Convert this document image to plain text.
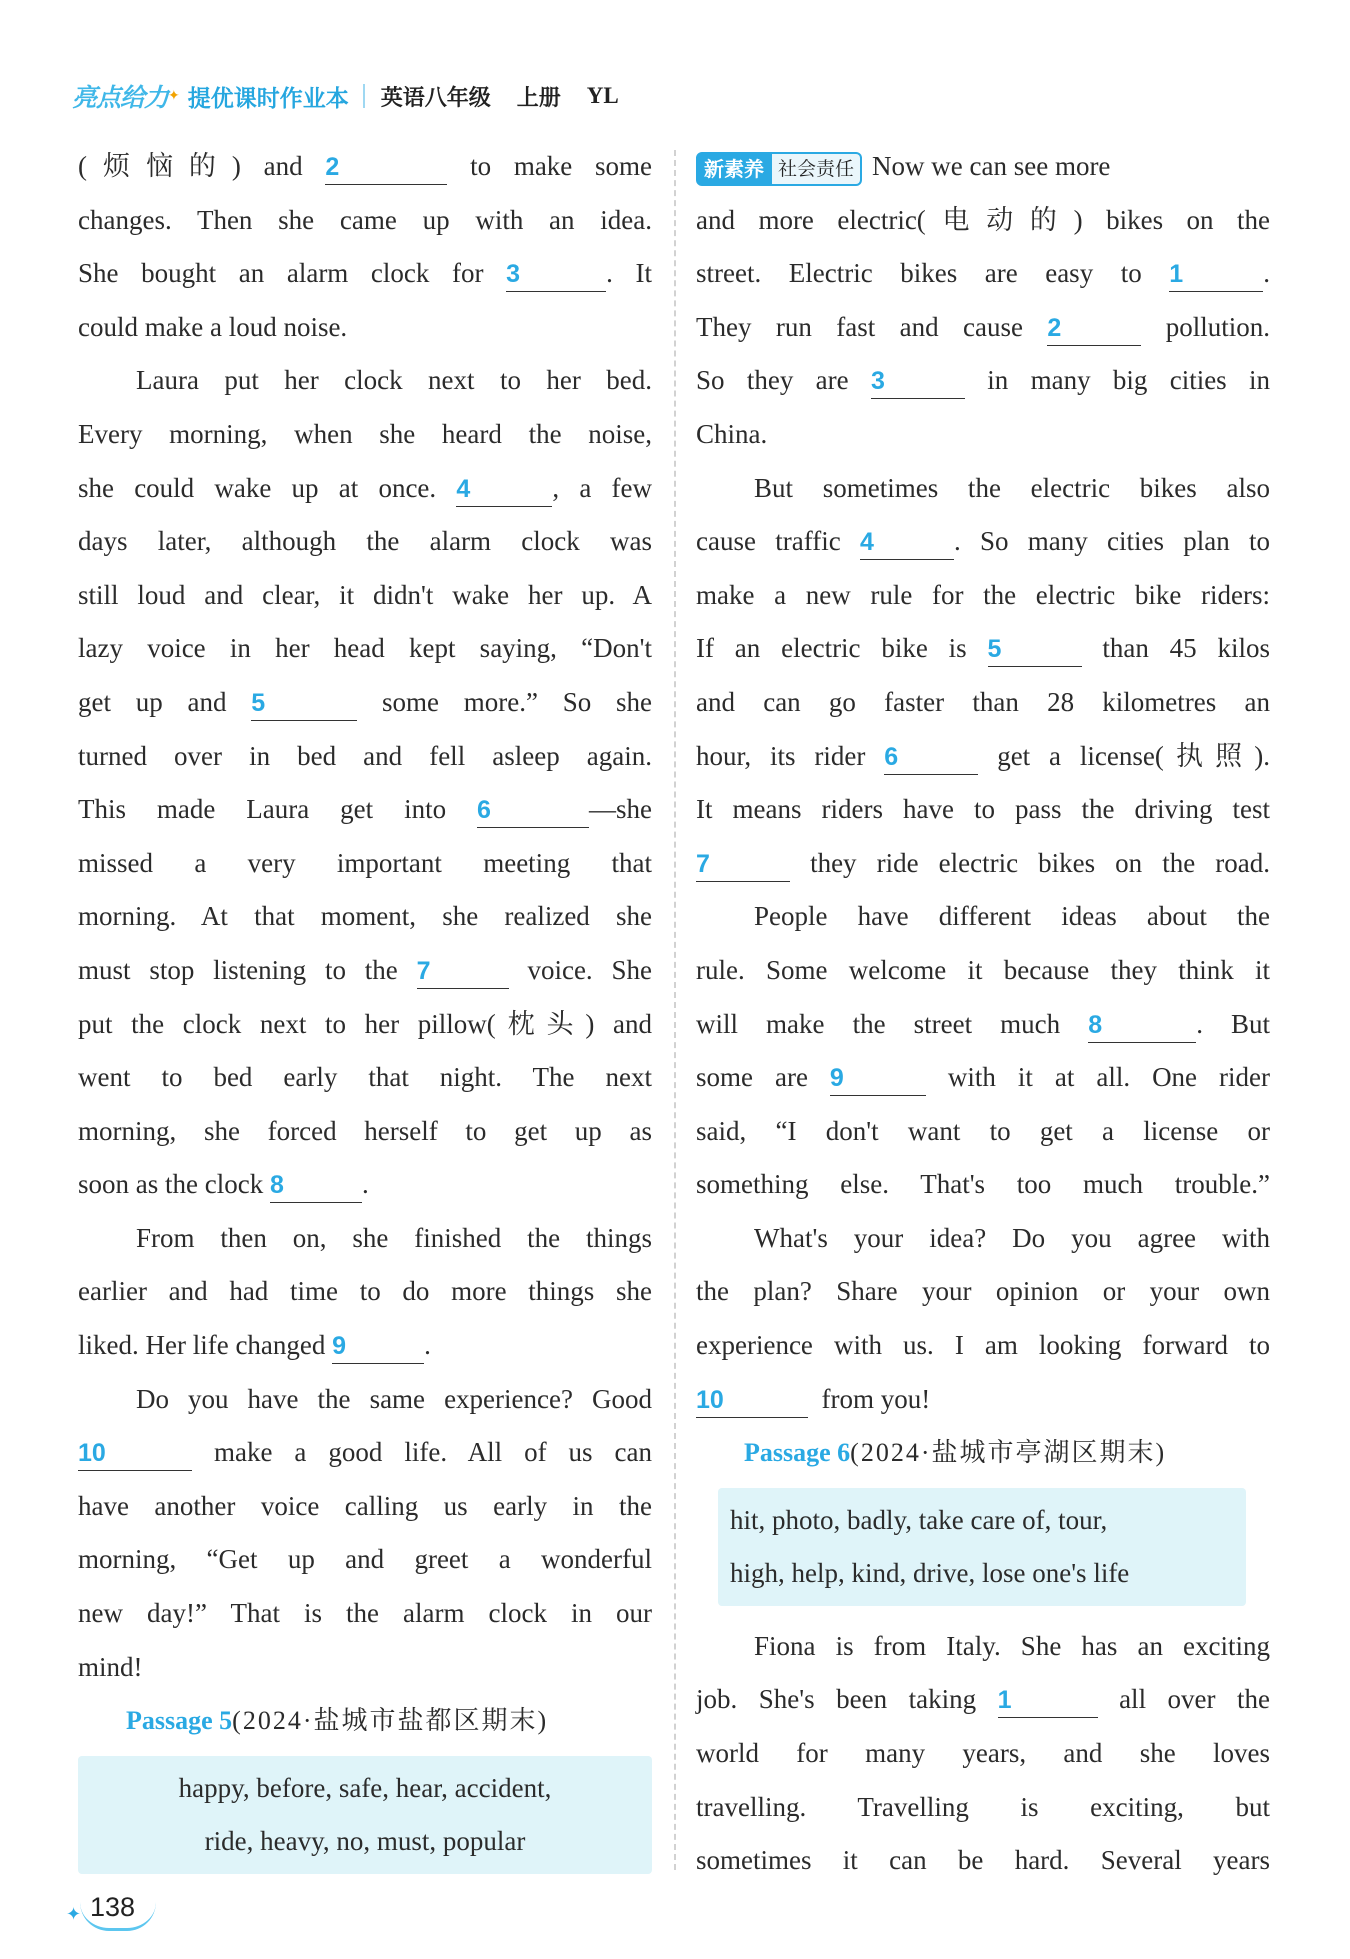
亮点给力 ✦ 提优课时作业本 英语八年级 上册 YL
(烦恼的) and 2	to make some
changes. Then she came up with an idea.
She bought an alarm clock for 3	. It
could make a loud noise.
Laura put her clock next to her bed.
Every morning, when she heard the noise,
she could wake up at once. 4	, a few
days later, although the alarm clock was
still loud and clear, it didn't wake her up. A
lazy voice in her head kept saying, “Don't
get up and 5	some more.” So she
turned over in bed and fell asleep again.
This made Laura get into 6	—she
missed a very important meeting that
morning. At that moment, she realized she
must stop listening to the 7	voice. She
put the clock next to her pillow(枕头) and
went to bed early that night. The next
morning, she forced herself to get up as
soon as the clock 8	.
From then on, she finished the things
earlier and had time to do more things she
liked. Her life changed 9	.
Do you have the same experience? Good
10	make a good life. All of us can
have another voice calling us early in the
morning, “Get up and greet a wonderful
new day!” That is the alarm clock in our
mind!
Passage 5(2024·盐城市盐都区期末)
happy, before, safe, hear, accident,
ride, heavy, no, must, popular
新素养 社会责任 Now we can see more
and more electric(电动的) bikes on the
street. Electric bikes are easy to 1	.
They run fast and cause 2	pollution.
So they are 3	in many big cities in
China.
But sometimes the electric bikes also
cause traffic 4	. So many cities plan to
make a new rule for the electric bike riders:
If an electric bike is 5	than 45 kilos
and can go faster than 28 kilometres an
hour, its rider 6	get a license(执照).
It means riders have to pass the driving test
7	they ride electric bikes on the road.
People have different ideas about the
rule. Some welcome it because they think it
will make the street much 8	. But
some are 9	with it at all. One rider
said, “I don't want to get a license or
something else. That's too much trouble.”
What's your idea? Do you agree with
the plan? Share your opinion or your own
experience with us. I am looking forward to
10	from you!
Passage 6(2024·盐城市亭湖区期末)
hit, photo, badly, take care of, tour,
high, help, kind, drive, lose one's life
Fiona is from Italy. She has an exciting
job. She's been taking 1	all over the
world for many years, and she loves
travelling. Travelling is exciting, but
sometimes it can be hard. Several years
✦ 138
